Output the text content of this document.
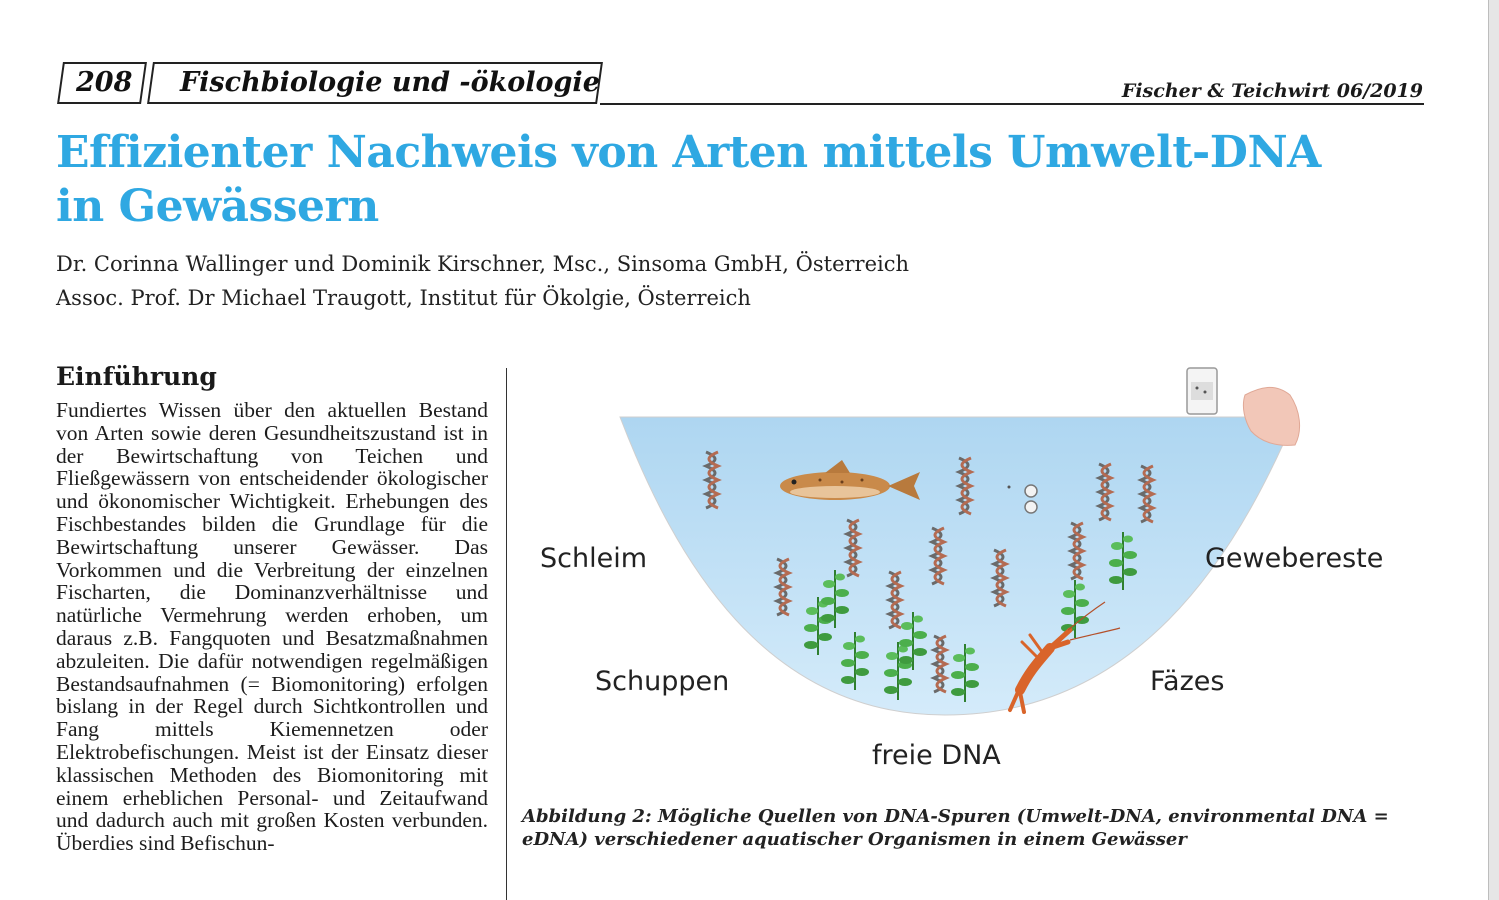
208 Fischbiologie und -ökologie	Fischer & Teichwirt 06/2019
Effizienter Nachweis von Arten mittels Umwelt-DNA
in Gewässern
Dr. Corinna Wallinger und Dominik Kirschner, Msc., Sinsoma GmbH, Österreich
Assoc. Prof. Dr Michael Traugott, Institut für Ökolgie, Österreich
Einführung

Fundiertes Wissen über den aktuellen Bestand von Arten sowie deren Gesundheitszustand ist in der Bewirtschaftung von Teichen und Fließgewässern von entscheidender ökologischer und ökonomischer Wichtigkeit. Erhebungen des Fischbestandes bilden die Grundlage für die Bewirtschaftung unserer Gewässer. Das Vorkommen und die Verbreitung der einzelnen Fischarten, die Dominanzverhältnisse und natürliche Vermehrung werden erhoben, um daraus z.B. Fangquoten und Besatzmaßnahmen abzuleiten. Die dafür notwendigen regelmäßigen Bestandsaufnahmen (= Biomonitoring) erfolgen bislang in der Regel durch Sichtkontrollen und Fang mittels Kiemennetzen oder Elektrobefischungen. Meist ist der Einsatz dieser klassischen Methoden des Biomonitoring mit einem erheblichen Personal- und Zeitaufwand und dadurch auch mit großen Kosten verbunden. Überdies sind Befischun-

Schleim	Gewebereste
Schuppen	Fäzes
freie DNA

Abbildung 2: Mögliche Quellen von DNA-Spuren (Umwelt-DNA, environmental DNA = eDNA) verschiedener aquatischer Organismen in einem Gewässer
